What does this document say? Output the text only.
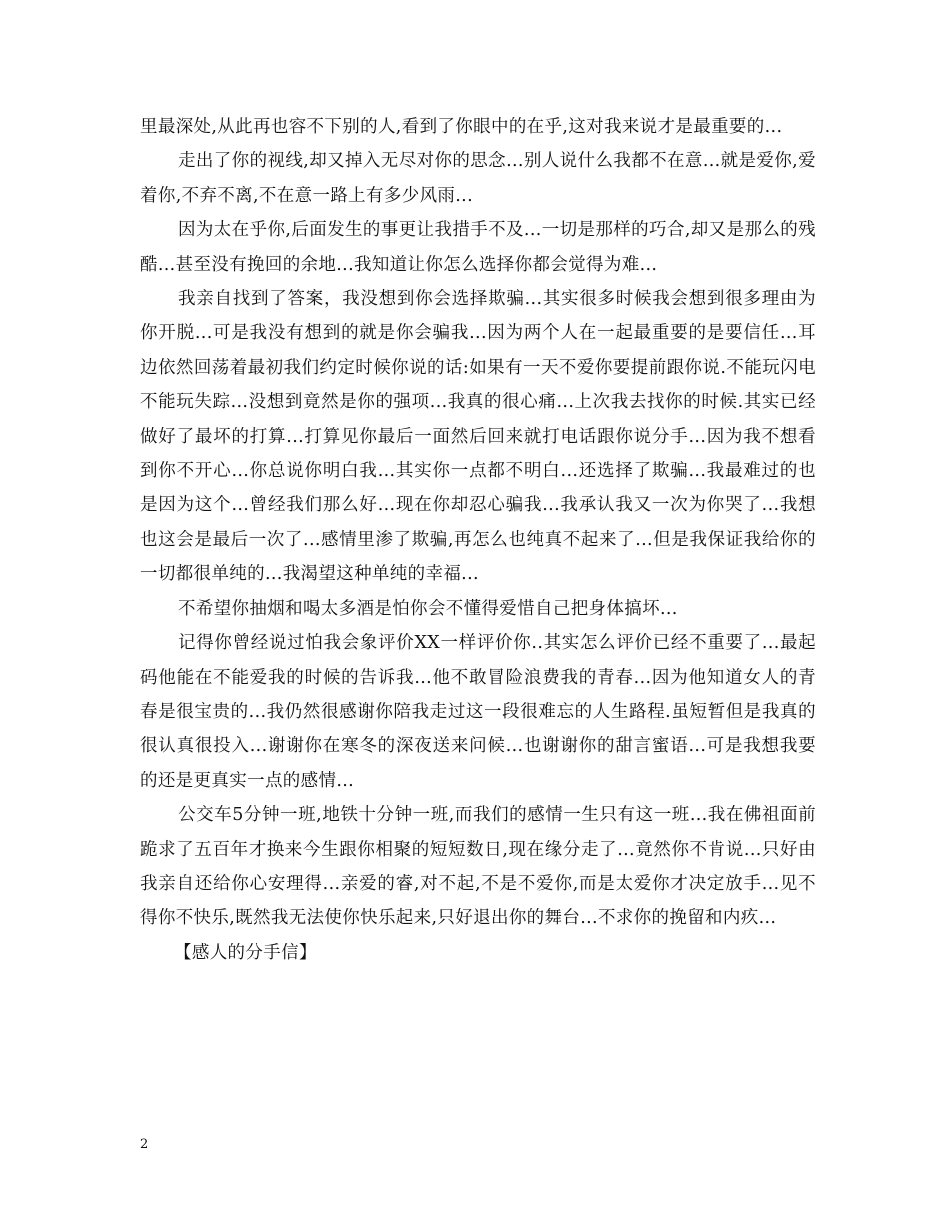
里最深处,从此再也容不下别的人,看到了你眼中的在乎,这对我来说才是最重要的...

走出了你的视线,却又掉入无尽对你的思念...别人说什么我都不在意...就是爱你,爱着你,不弃不离,不在意一路上有多少风雨...

因为太在乎你,后面发生的事更让我措手不及...一切是那样的巧合,却又是那么的残酷...甚至没有挽回的余地...我知道让你怎么选择你都会觉得为难...

我亲自找到了答案，我没想到你会选择欺骗...其实很多时候我会想到很多理由为你开脱...可是我没有想到的就是你会骗我...因为两个人在一起最重要的是要信任...耳边依然回荡着最初我们约定时候你说的话:如果有一天不爱你要提前跟你说.不能玩闪电不能玩失踪...没想到竟然是你的强项...我真的很心痛...上次我去找你的时候.其实已经做好了最坏的打算...打算见你最后一面然后回来就打电话跟你说分手...因为我不想看到你不开心...你总说你明白我...其实你一点都不明白...还选择了欺骗...我最难过的也是因为这个...曾经我们那么好...现在你却忍心骗我...我承认我又一次为你哭了...我想也这会是最后一次了...感情里渗了欺骗,再怎么也纯真不起来了...但是我保证我给你的一切都很单纯的...我渴望这种单纯的幸福...

不希望你抽烟和喝太多酒是怕你会不懂得爱惜自己把身体搞坏...

记得你曾经说过怕我会象评价XX一样评价你..其实怎么评价已经不重要了...最起码他能在不能爱我的时候的告诉我...他不敢冒险浪费我的青春...因为他知道女人的青春是很宝贵的...我仍然很感谢你陪我走过这一段很难忘的人生路程.虽短暂但是我真的很认真很投入...谢谢你在寒冬的深夜送来问候...也谢谢你的甜言蜜语...可是我想我要的还是更真实一点的感情...

公交车5分钟一班,地铁十分钟一班,而我们的感情一生只有这一班...我在佛祖面前跪求了五百年才换来今生跟你相聚的短短数日,现在缘分走了...竟然你不肯说...只好由我亲自还给你心安理得...亲爱的睿,对不起,不是不爱你,而是太爱你才决定放手...见不得你不快乐,既然我无法使你快乐起来,只好退出你的舞台...不求你的挽留和内疚...

【感人的分手信】

2
